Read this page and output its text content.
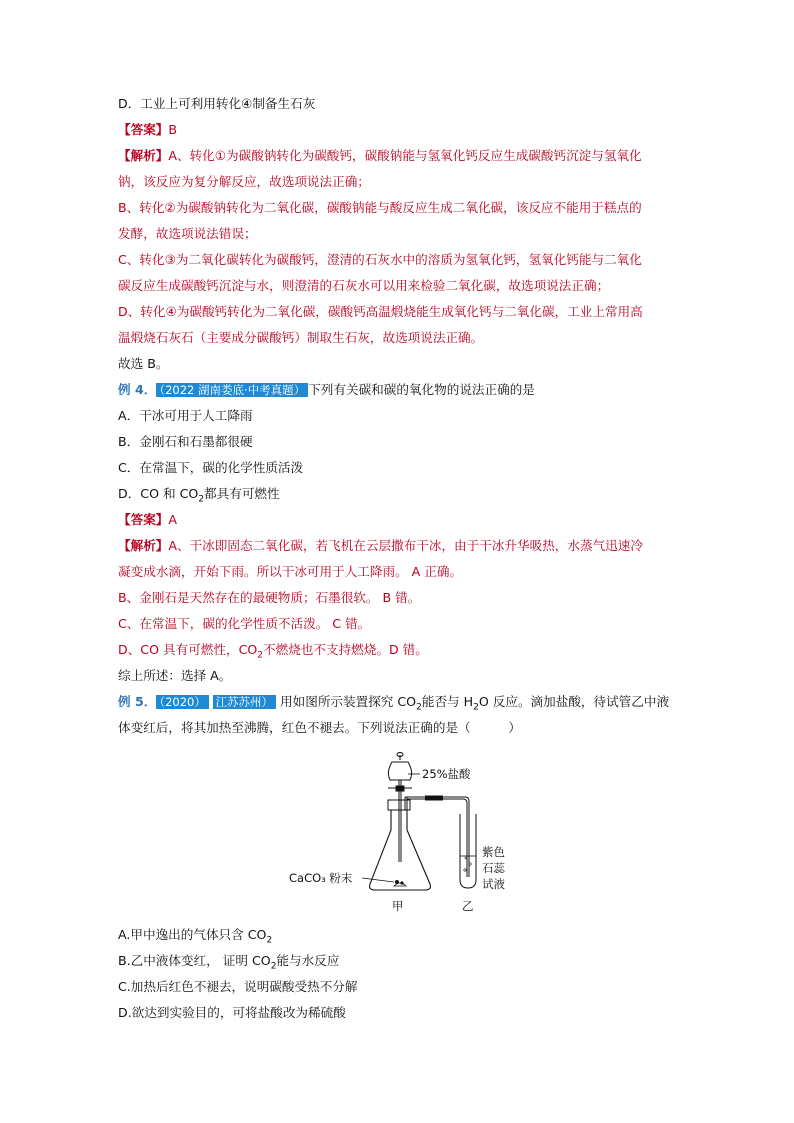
D．工业上可利用转化④制备生石灰
【答案】B
【解析】A、转化①为碳酸钠转化为碳酸钙，碳酸钠能与氢氧化钙反应生成碳酸钙沉淀与氢氧化
钠，该反应为复分解反应，故选项说法正确；
B、转化②为碳酸钠转化为二氧化碳，碳酸钠能与酸反应生成二氧化碳，该反应不能用于糕点的
发酵，故选项说法错误；
C、转化③为二氧化碳转化为碳酸钙，澄清的石灰水中的溶质为氢氧化钙，氢氧化钙能与二氧化
碳反应生成碳酸钙沉淀与水，则澄清的石灰水可以用来检验二氧化碳，故选项说法正确；
D、转化④为碳酸钙转化为二氧化碳，碳酸钙高温煅烧能生成氧化钙与二氧化碳，工业上常用高
温煅烧石灰石（主要成分碳酸钙）制取生石灰，故选项说法正确。
故选 B。
例 4． （2022 湖南娄底·中考真题） 下列有关碳和碳的氧化物的说法正确的是
A．干冰可用于人工降雨
B．金刚石和石墨都很硬
C．在常温下，碳的化学性质活泼
D．CO 和 $CO_2$都具有可燃性
【答案】A
【解析】A、干冰即固态二氧化碳，若飞机在云层撒布干冰，由于干冰升华吸热，水蒸气迅速冷
凝变成水滴，开始下雨。所以干冰可用于人工降雨。 A 正确。
B、金刚石是天然存在的最硬物质；石墨很软。 B 错。
C、在常温下，碳的化学性质不活泼。 C 错。
D、CO 具有可燃性，$CO_2$不燃烧也不支持燃烧。D 错。
综上所述：选择 A。
例 5． （2020） 江苏苏州） 用如图所示装置探究 $CO_2$能否与 $H_2O$ 反应。滴加盐酸，待试管乙中液
体变红后，将其加热至沸腾，红色不褪去。下列说法正确的是（　　　）
25%盐酸
CaCO₃ 粉末
紫色
石蕊
试液
甲	乙
A.甲中逸出的气体只含 $CO_2$
B.乙中液体变红， 证明 $CO_2$能与水反应
C.加热后红色不褪去，说明碳酸受热不分解
D.欲达到实验目的，可将盐酸改为稀硫酸
